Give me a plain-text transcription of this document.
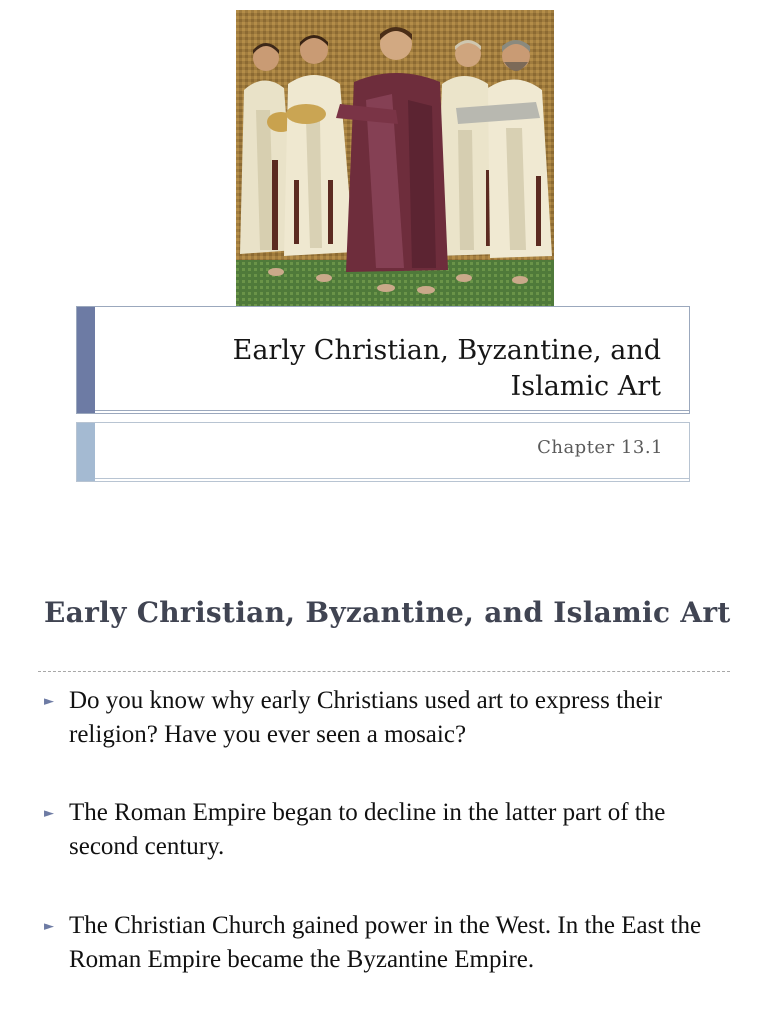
Early Christian, Byzantine, and Islamic Art
Chapter 13.1
Early Christian, Byzantine, and Islamic Art
► Do you know why early Christians used art to express their religion? Have you ever seen a mosaic?
► The Roman Empire began to decline in the latter part of the second century.
► The Christian Church gained power in the West. In the East the Roman Empire became the Byzantine Empire.
